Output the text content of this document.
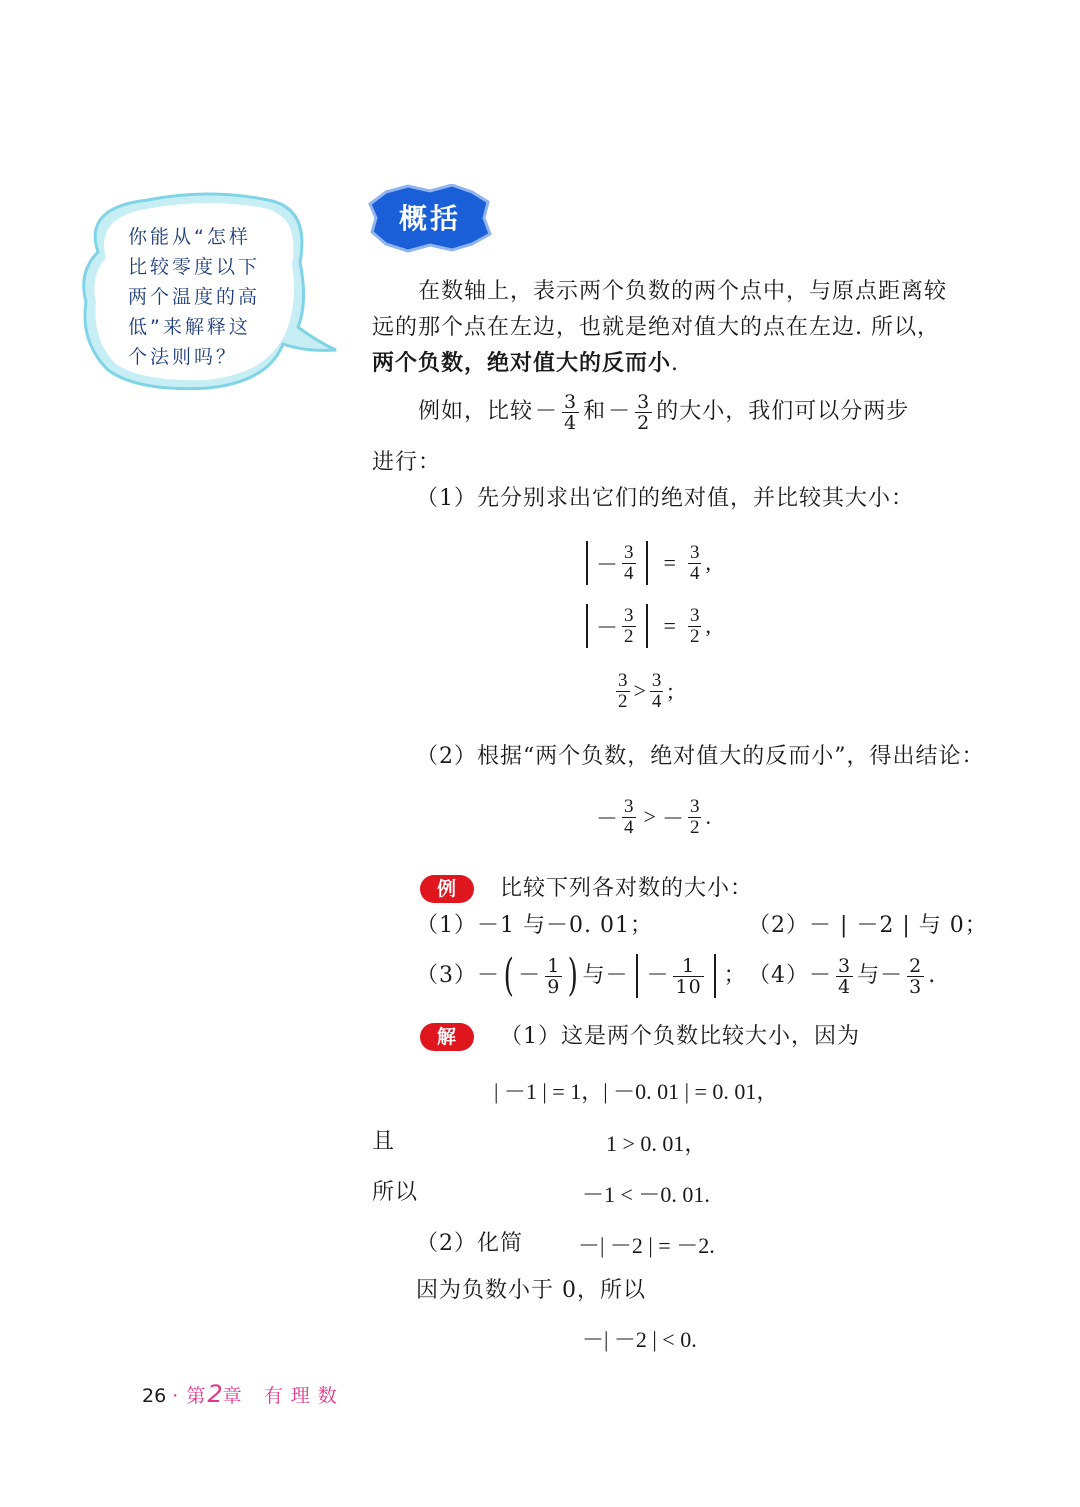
你能从“怎样比较零度以下两个温度的高低”来解释这个法则吗？
概括
在数轴上，表示两个负数的两个点中，与原点距离较
远的那个点在左边，也就是绝对值大的点在左边. 所以，
两个负数，绝对值大的反而小.
例如，比较 － $\frac{3}{4}$ 和 － $\frac{3}{2}$ 的大小，我们可以分两步
进行：
（1）先分别求出它们的绝对值，并比较其大小：
－ $\frac{3}{4} = \frac{3}{4}$ ,
－ $\frac{3}{2} = \frac{3}{2}$ ,
$\frac{3}{2} > \frac{3}{4}$ ;
（2）根据“两个负数，绝对值大的反而小”，得出结论：
－ $\frac{3}{4}$ > － $\frac{3}{2}$ .
例	比较下列各对数的大小：
（1）－1 与－0. 01；	（2）－ | －2 | 与 0；
（3）－ ( － $\frac{1}{9}$ ) 与－ － $\frac{1}{10}$ ； $(4)- \frac{3}{4}$ 与－ $\frac{2}{3}$ .
解	（1）这是两个负数比较大小，因为
| －1 | = 1，| －0. 01 | = 0. 01，
且	1 > 0. 01，
所以	－1 < －0. 01.
（2）化简	－| －2 | = －2.
因为负数小于 0，所以
－| －2 | < 0.
26 · 第2章 有理数
